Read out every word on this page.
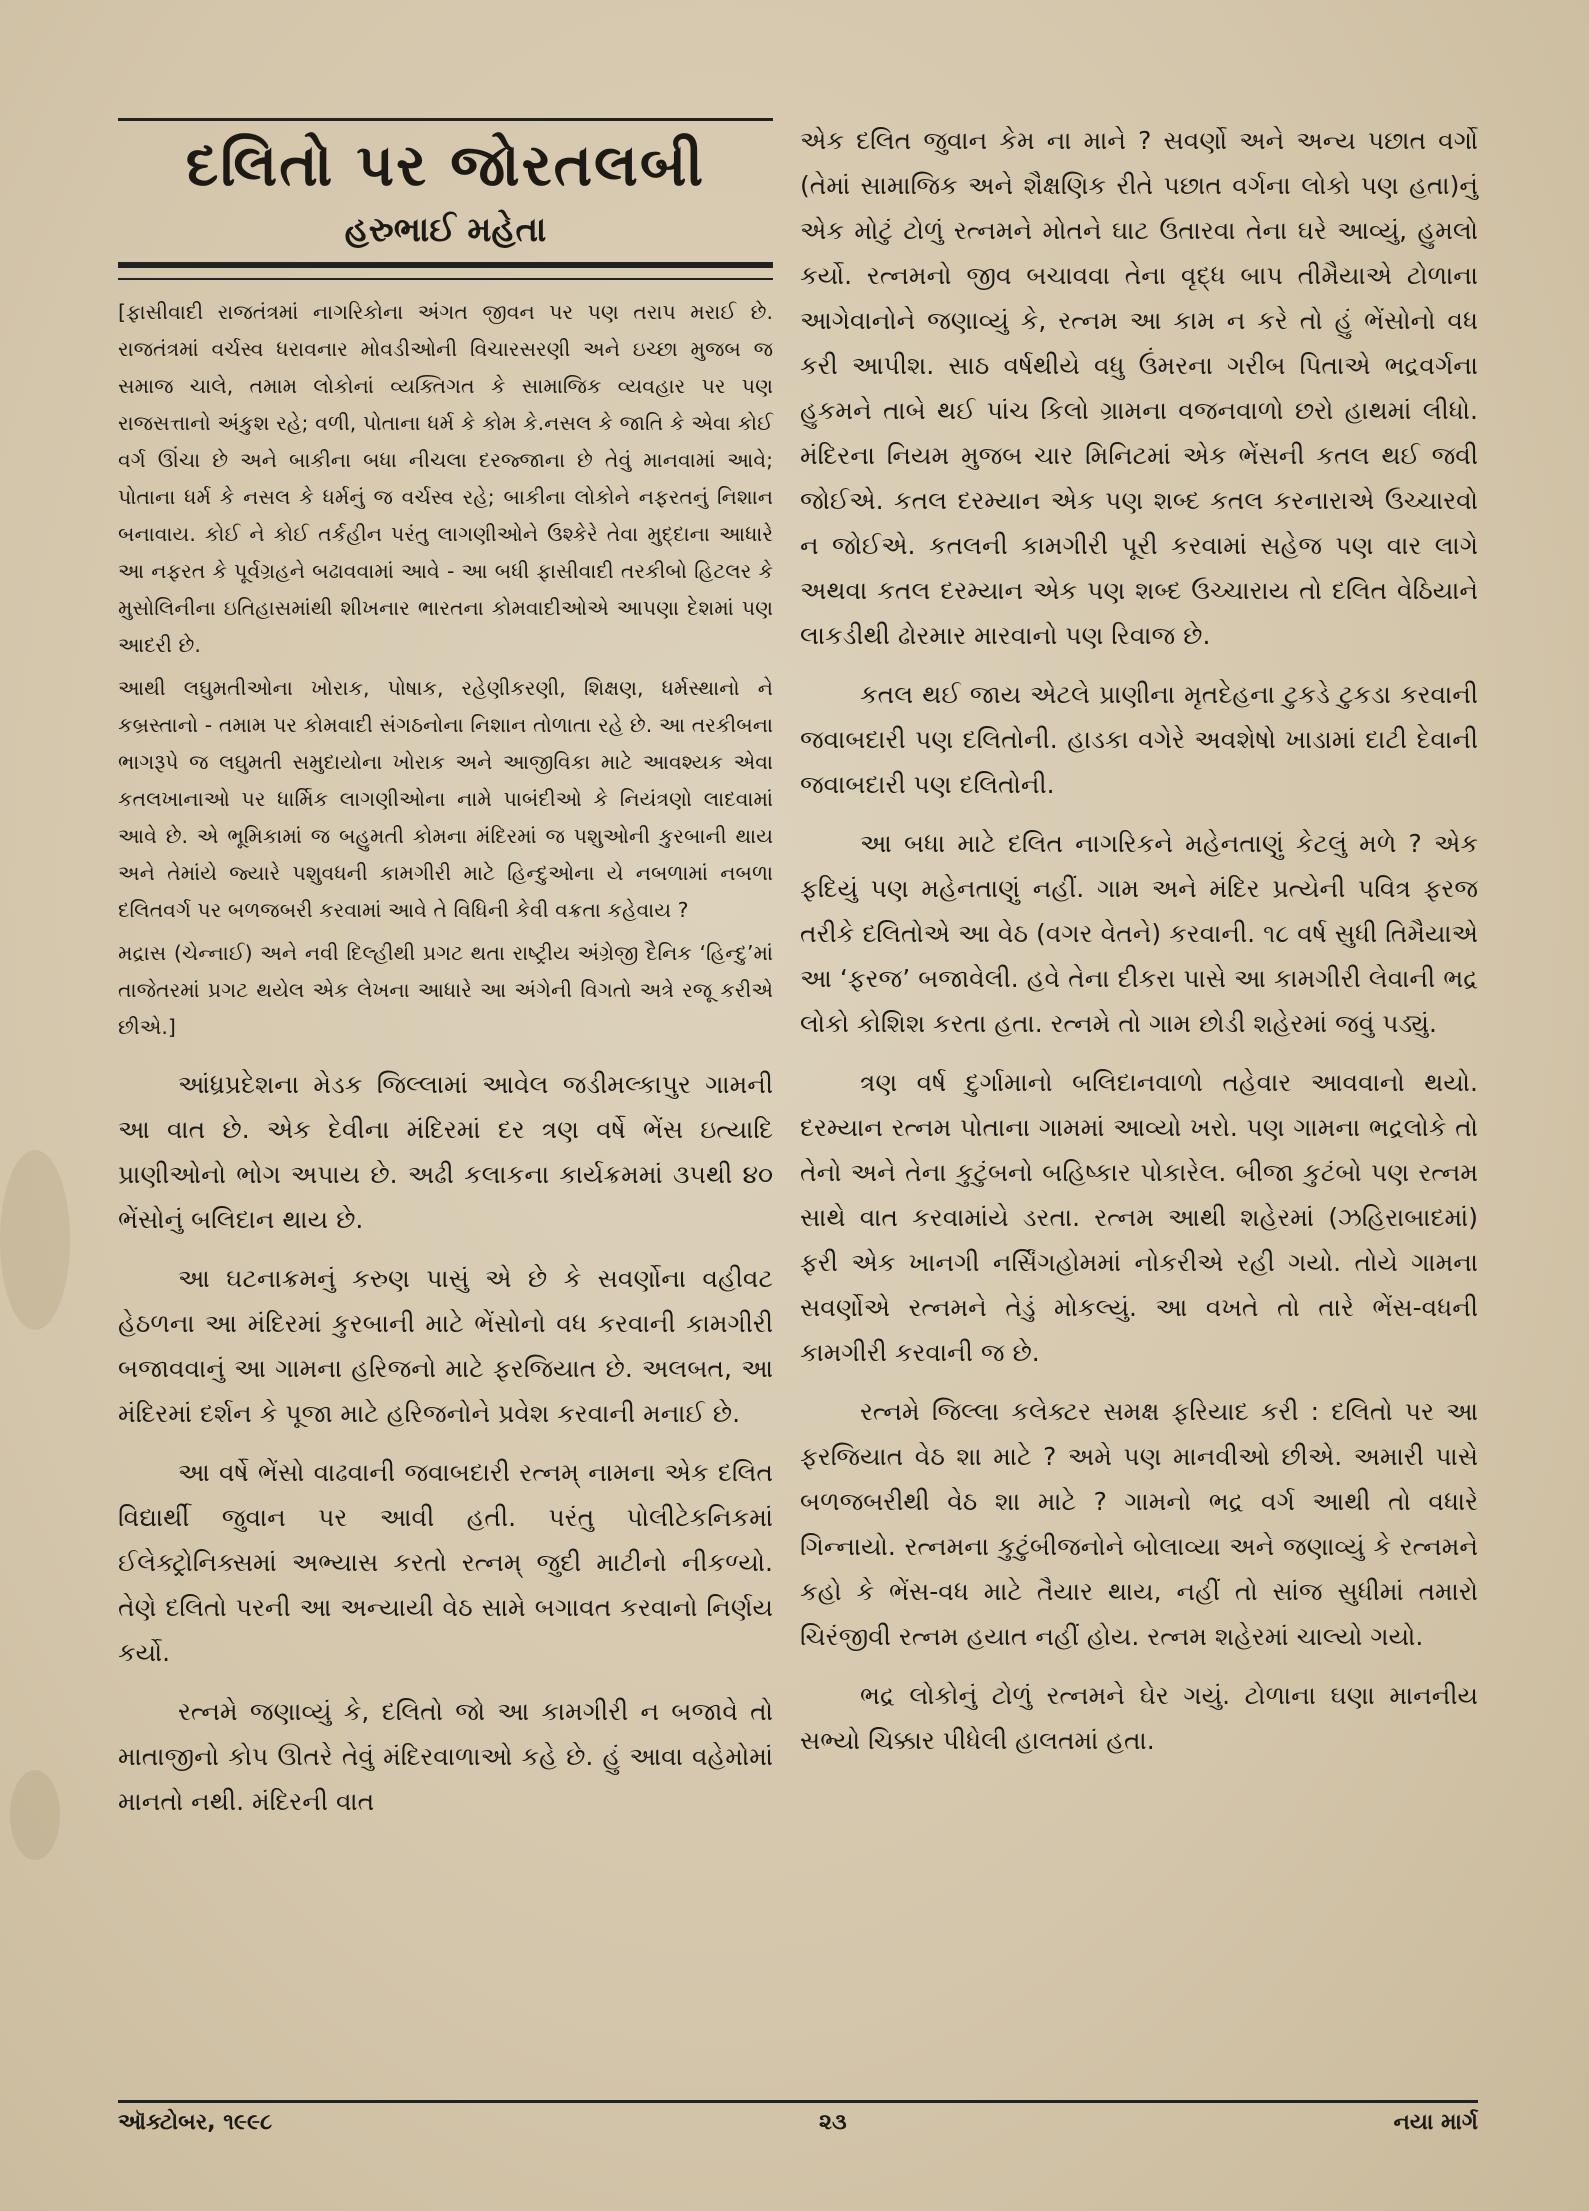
દલિતો પર જોરતલબી
હરુભાઈ મહેતા

[ફાસીવાદી રાજતંત્રમાં નાગરિકોના અંગત જીવન પર પણ તરાપ મરાઈ છે. રાજતંત્રમાં વર્ચસ્વ ધરાવનાર મોવડીઓની વિચારસરણી અને ઇચ્છા મુજબ જ સમાજ ચાલે, તમામ લોકોનાં વ્યક્તિગત કે સામાજિક વ્યવહાર પર પણ રાજસત્તાનો અંકુશ રહે; વળી, પોતાના ધર્મ કે કોમ કે.નસલ કે જાતિ કે એવા કોઈ વર્ગ ઊંચા છે અને બાકીના બધા નીચલા દરજ્જાના છે તેવું માનવામાં આવે; પોતાના ધર્મ કે નસલ કે ધર્મનું જ વર્ચસ્વ રહે; બાકીના લોકોને નફરતનું નિશાન બનાવાય. કોઈ ને કોઈ તર્કહીન પરંતુ લાગણીઓને ઉશ્કેરે તેવા મુદ્દાના આધારે આ નફરત કે પૂર્વગ્રહને બઢાવવામાં આવે - આ બધી ફાસીવાદી તરકીબો હિટલર કે મુસોલિનીના ઇતિહાસમાંથી શીખનાર ભારતના કોમવાદીઓએ આપણા દેશમાં પણ આદરી છે.

આથી લઘુમતીઓના ખોરાક, પોષાક, રહેણીકરણી, શિક્ષણ, ધર્મસ્થાનો ને કબ્રસ્તાનો - તમામ પર કોમવાદી સંગઠનોના નિશાન તોળાતા રહે છે. આ તરકીબના ભાગરૂપે જ લઘુમતી સમુદાયોના ખોરાક અને આજીવિકા માટે આવશ્યક એવા કતલખાનાઓ પર ધાર્મિક લાગણીઓના નામે પાબંદીઓ કે નિયંત્રણો લાદવામાં આવે છે. એ ભૂમિકામાં જ બહુમતી કોમના મંદિરમાં જ પશુઓની કુરબાની થાય અને તેમાંયે જ્યારે પશુવધની કામગીરી માટે હિન્દુઓના યે નબળામાં નબળા દલિતવર્ગ પર બળજબરી કરવામાં આવે તે વિધિની કેવી વક્રતા કહેવાય ?

મદ્રાસ (ચેન્નાઈ) અને નવી દિલ્હીથી પ્રગટ થતા રાષ્ટ્રીય અંગ્રેજી દૈનિક ‘હિન્દુ’માં તાજેતરમાં પ્રગટ થયેલ એક લેખના આધારે આ અંગેની વિગતો અત્રે રજૂ કરીએ છીએ.]

આંધ્રપ્રદેશના મેડક જિલ્લામાં આવેલ જડીમલ્કાપુર ગામની આ વાત છે. એક દેવીના મંદિરમાં દર ત્રણ વર્ષે ભેંસ ઇત્યાદિ પ્રાણીઓનો ભોગ અપાય છે. અઢી કલાકના કાર્યક્રમમાં ૩૫થી ૪૦ ભેંસોનું બલિદાન થાય છે.

આ ઘટનાક્રમનું કરુણ પાસું એ છે કે સવર્ણોના વહીવટ હેઠળના આ મંદિરમાં કુરબાની માટે ભેંસોનો વધ કરવાની કામગીરી બજાવવાનું આ ગામના હરિજનો માટે ફરજિયાત છે. અલબત, આ મંદિરમાં દર્શન કે પૂજા માટે હરિજનોને પ્રવેશ કરવાની મનાઈ છે.

આ વર્ષે ભેંસો વાઢવાની જવાબદારી રત્નમ્ નામના એક દલિત વિદ્યાર્થી જુવાન પર આવી હતી. પરંતુ પોલીટેકનિકમાં ઈલેક્ટ્રોનિક્સમાં અભ્યાસ કરતો રત્નમ્ જુદી માટીનો નીકળ્યો. તેણે દલિતો પરની આ અન્યાયી વેઠ સામે બગાવત કરવાનો નિર્ણય કર્યો.

રત્નમે જણાવ્યું કે, દલિતો જો આ કામગીરી ન બજાવે તો માતાજીનો કોપ ઊતરે તેવું મંદિરવાળાઓ કહે છે. હું આવા વહેમોમાં માનતો નથી. મંદિરની વાત

એક દલિત જુવાન કેમ ના માને ? સવર્ણો અને અન્ય પછાત વર્ગો (તેમાં સામાજિક અને શૈક્ષણિક રીતે પછાત વર્ગના લોકો પણ હતા)નું એક મોટું ટોળું રત્નમને મોતને ઘાટ ઉતારવા તેના ઘરે આવ્યું, હુમલો કર્યો. રત્નમનો જીવ બચાવવા તેના વૃદ્ધ બાપ તીમૈયાએ ટોળાના આગેવાનોને જણાવ્યું કે, રત્નમ આ કામ ન કરે તો હું ભેંસોનો વધ કરી આપીશ. સાઠ વર્ષથીયે વધુ ઉંમરના ગરીબ પિતાએ ભદ્રવર્ગના હુકમને તાબે થઈ પાંચ કિલો ગ્રામના વજનવાળો છરો હાથમાં લીધો. મંદિરના નિયમ મુજબ ચાર મિનિટમાં એક ભેંસની કતલ થઈ જવી જોઈએ. કતલ દરમ્યાન એક પણ શબ્દ કતલ કરનારાએ ઉચ્ચારવો ન જોઈએ. કતલની કામગીરી પૂરી કરવામાં સહેજ પણ વાર લાગે અથવા કતલ દરમ્યાન એક પણ શબ્દ ઉચ્ચારાય તો દલિત વેઠિયાને લાકડીથી ઢોરમાર મારવાનો પણ રિવાજ છે.

કતલ થઈ જાય એટલે પ્રાણીના મૃતદેહના ટુકડે ટુકડા કરવાની જવાબદારી પણ દલિતોની. હાડકા વગેરે અવશેષો ખાડામાં દાટી દેવાની જવાબદારી પણ દલિતોની.

આ બધા માટે દલિત નાગરિકને મહેનતાણું કેટલું મળે ? એક ફદિયું પણ મહેનતાણું નહીં. ગામ અને મંદિર પ્રત્યેની પવિત્ર ફરજ તરીકે દલિતોએ આ વેઠ (વગર વેતને) કરવાની. ૧૮ વર્ષ સુધી તિમૈયાએ આ ‘ફરજ’ બજાવેલી. હવે તેના દીકરા પાસે આ કામગીરી લેવાની ભદ્ર લોકો કોશિશ કરતા હતા. રત્નમે તો ગામ છોડી શહેરમાં જવું પડ્યું.

ત્રણ વર્ષ દુર્ગામાનો બલિદાનવાળો તહેવાર આવવાનો થયો. દરમ્યાન રત્નમ પોતાના ગામમાં આવ્યો ખરો. પણ ગામના ભદ્રલોકે તો તેનો અને તેના કુટુંબનો બહિષ્કાર પોકારેલ. બીજા કુટંબો પણ રત્નમ સાથે વાત કરવામાંયે ડરતા. રત્નમ આથી શહેરમાં (ઝહિરાબાદમાં) ફરી એક ખાનગી નર્સિંગહોમમાં નોકરીએ રહી ગયો. તોયે ગામના સવર્ણોએ રત્નમને તેડું મોકલ્યું. આ વખતે તો તારે ભેંસ-વધની કામગીરી કરવાની જ છે.

રત્નમે જિલ્લા કલેક્ટર સમક્ષ ફરિયાદ કરી : દલિતો પર આ ફરજિયાત વેઠ શા માટે ? અમે પણ માનવીઓ છીએ. અમારી પાસે બળજબરીથી વેઠ શા માટે ? ગામનો ભદ્ર વર્ગ આથી તો વધારે ગિન્નાયો. રત્નમના કુટુંબીજનોને બોલાવ્યા અને જણાવ્યું કે રત્નમને કહો કે ભેંસ-વધ માટે તૈયાર થાય, નહીં તો સાંજ સુધીમાં તમારો ચિરંજીવી રત્નમ હયાત નહીં હોય. રત્નમ શહેરમાં ચાલ્યો ગયો.

ભદ્ર લોકોનું ટોળું રત્નમને ઘેર ગયું. ટોળાના ઘણા માનનીય સભ્યો ચિક્કાર પીધેલી હાલતમાં હતા.

ઑક્ટોબર, ૧૯૯૮	૨૩	નયા માર્ગ
